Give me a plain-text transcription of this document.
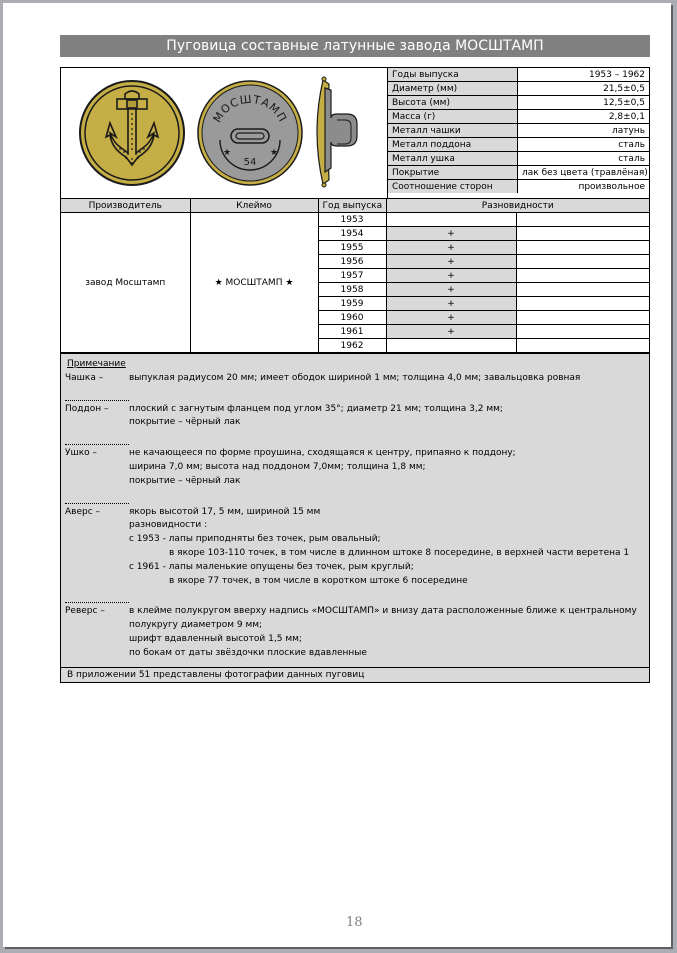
Пуговица составные латунные завода МОСШТАМП
МОСШТАМП
★	★
54
Годы выпуска	1953 – 1962
Диаметр (мм)	21,5±0,5
Высота (мм)	12,5±0,5
Масса (г)	2,8±0,1
Металл чашки	латунь
Металл поддона	сталь
Металл ушка	сталь
Покрытие	лак без цвета (травлёная)
Соотношение сторон	произвольное
Производитель	Клеймо	Год выпуска	Разновидности	
завод Мосштамп	★ МОСШТАМП ★	1953		
		1954	+	
		1955	+	
		1956	+	
		1957	+	
		1958	+	
		1959	+	
		1960	+	
		1961	+	
		1962		
Примечание
Чашка –	выпуклая радиусом 20 мм; имеет ободок шириной 1 мм; толщина 4,0 мм; завальцовка ровная
Поддон –	плоский с загнутым фланцем под углом 35°; диаметр 21 мм; толщина 3,2 мм;
покрытие – чёрный лак
Ушко –	не качающееся по форме проушина, сходящаяся к центру, припаяно к поддону;
ширина 7,0 мм; высота над поддоном 7,0мм; толщина 1,8 мм;
покрытие – чёрный лак
Аверс –	якорь высотой 17, 5 мм, шириной 15 мм
разновидности :
с 1953 - лапы приподняты без точек, рым овальный;
в якоре 103-110 точек, в том числе в длинном штоке 8 посередине, в верхней части веретена 1
с 1961 - лапы маленькие опущены без точек, рым круглый;
в якоре 77 точек, в том числе в коротком штоке 6 посередине
Реверс –	в клейме полукругом вверху надпись «МОСШТАМП» и внизу дата расположенные ближе к центральному
полукругу диаметром 9 мм;
шрифт вдавленный высотой 1,5 мм;
по бокам от даты звёздочки плоские вдавленные
В приложении 51 представлены фотографии данных пуговиц
18
